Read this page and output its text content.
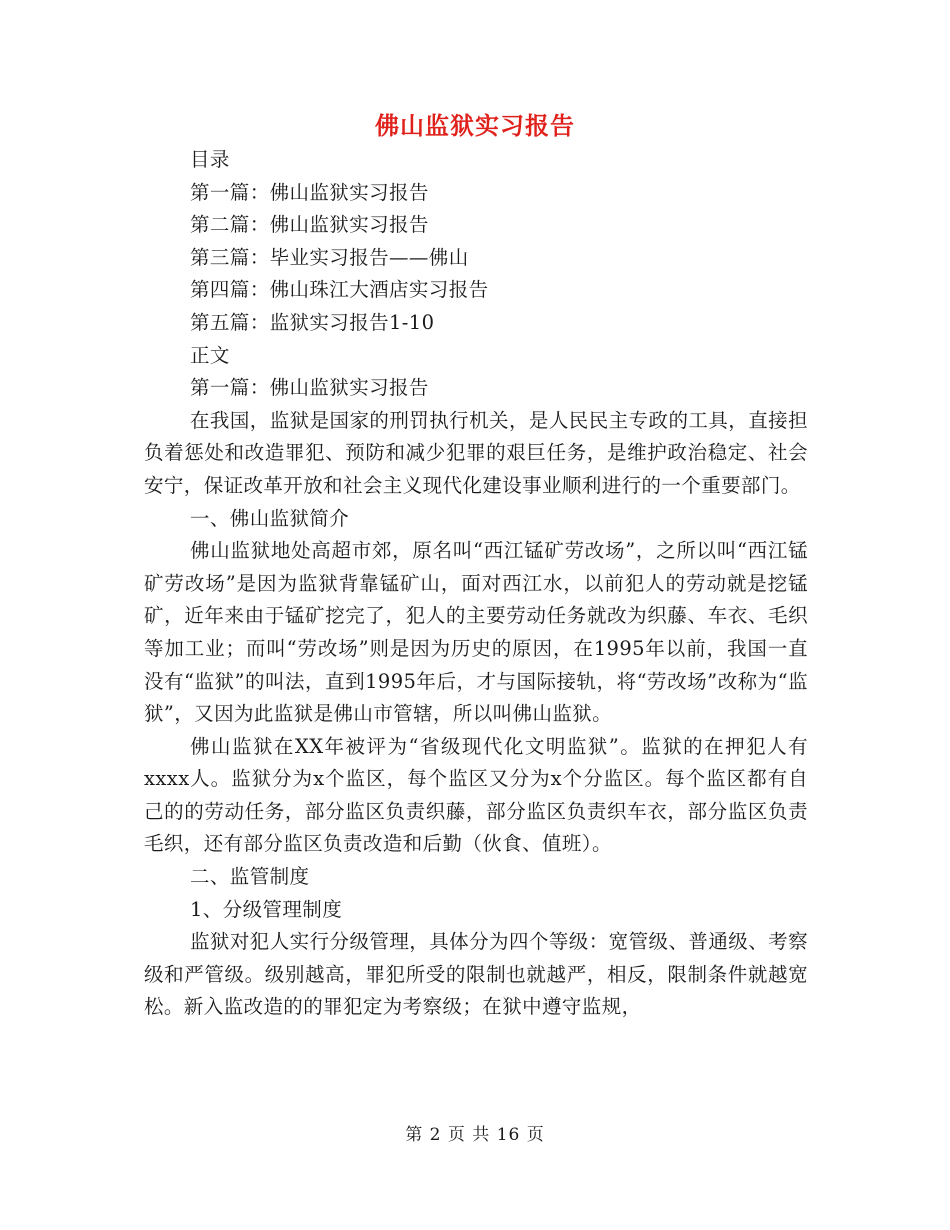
佛山监狱实习报告

目录

第一篇：佛山监狱实习报告

第二篇：佛山监狱实习报告

第三篇：毕业实习报告——佛山

第四篇：佛山珠江大酒店实习报告

第五篇：监狱实习报告1-10

正文

第一篇：佛山监狱实习报告

在我国，监狱是国家的刑罚执行机关，是人民民主专政的工具，直接担负着惩处和改造罪犯、预防和减少犯罪的艰巨任务，是维护政治稳定、社会安宁，保证改革开放和社会主义现代化建设事业顺利进行的一个重要部门。

一、佛山监狱简介

佛山监狱地处高超市郊，原名叫“西江锰矿劳改场”，之所以叫“西江锰矿劳改场”是因为监狱背靠锰矿山，面对西江水，以前犯人的劳动就是挖锰矿，近年来由于锰矿挖完了，犯人的主要劳动任务就改为织藤、车衣、毛织等加工业；而叫“劳改场”则是因为历史的原因，在1995年以前，我国一直没有“监狱”的叫法，直到1995年后，才与国际接轨，将“劳改场”改称为“监狱”，又因为此监狱是佛山市管辖，所以叫佛山监狱。

佛山监狱在XX年被评为“省级现代化文明监狱”。监狱的在押犯人有xxxx人。监狱分为x个监区，每个监区又分为x个分监区。每个监区都有自己的的劳动任务，部分监区负责织藤，部分监区负责织车衣，部分监区负责毛织，还有部分监区负责改造和后勤（伙食、值班）。

二、监管制度

1、分级管理制度

监狱对犯人实行分级管理，具体分为四个等级：宽管级、普通级、考察级和严管级。级别越高，罪犯所受的限制也就越严，相反，限制条件就越宽松。新入监改造的的罪犯定为考察级；在狱中遵守监规，

第 2 页 共 16 页
